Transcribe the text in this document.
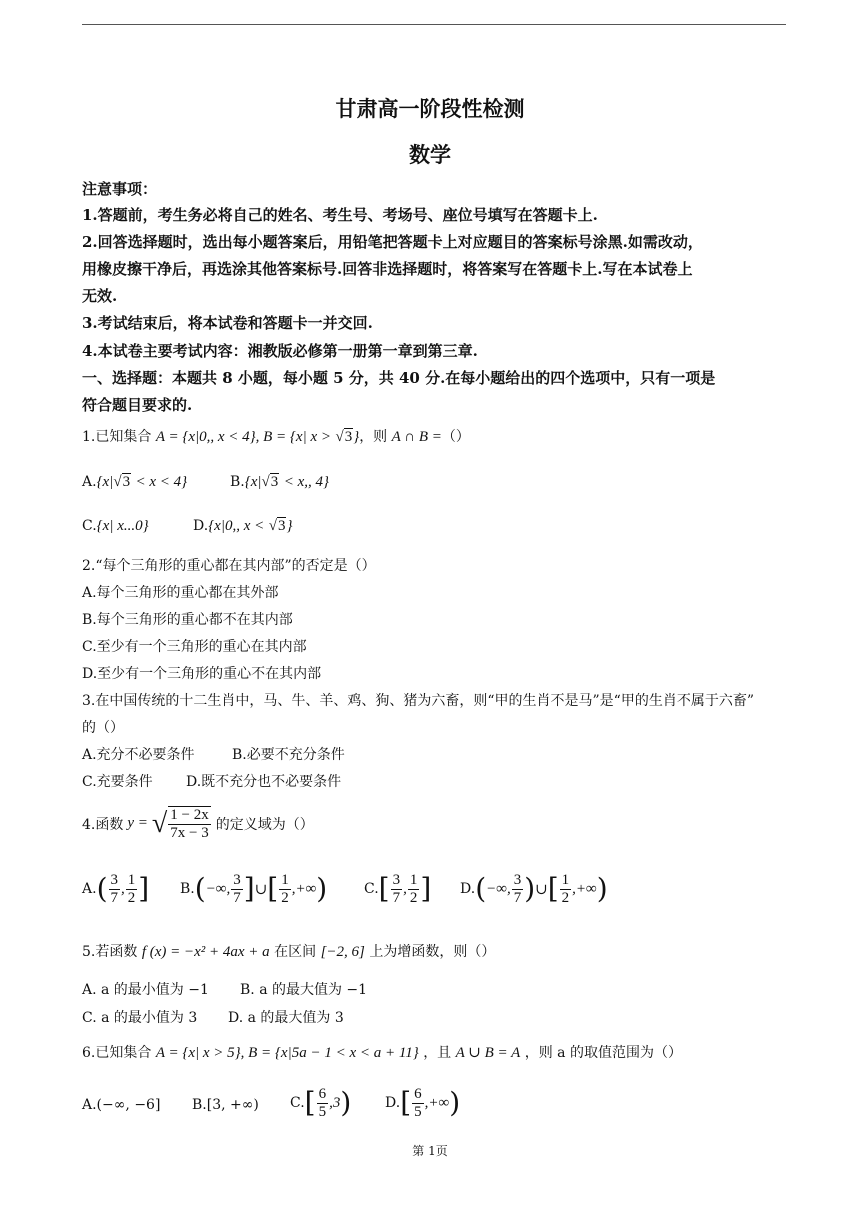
甘肃高一阶段性检测
数学
注意事项：
1.答题前，考生务必将自己的姓名、考生号、考场号、座位号填写在答题卡上.
2.回答选择题时，选出每小题答案后，用铅笔把答题卡上对应题目的答案标号涂黑.如需改动，
用橡皮擦干净后，再选涂其他答案标号.回答非选择题时，将答案写在答题卡上.写在本试卷上
无效.
3.考试结束后，将本试卷和答题卡一并交回.
4.本试卷主要考试内容：湘教版必修第一册第一章到第三章.
一、选择题：本题共 8 小题，每小题 5 分，共 40 分.在每小题给出的四个选项中，只有一项是
符合题目要求的.
1.已知集合 A = {x|0,, x < 4}, B = {x| x > √3}，则 A ∩ B =（）
A.{x|√3 < x < 4}	B.{x|√3 < x,, 4}
C.{x| x...0}	D.{x|0,, x < √3}
2.“每个三角形的重心都在其内部”的否定是（）
A.每个三角形的重心都在其外部
B.每个三角形的重心都不在其内部
C.至少有一个三角形的重心在其内部
D.至少有一个三角形的重心不在其内部
3.在中国传统的十二生肖中，马、牛、羊、鸡、狗、猪为六畜，则“甲的生肖不是马”是“甲的生肖不属于六畜”
的（）
A.充分不必要条件	B.必要不充分条件
C.充要条件 D.既不充分也不必要条件
4.函数 y = √ $\frac{1 - 2x}{7x - 3}$ 的定义域为（）
A. ( $\frac{3}{7}$ , $\frac{1}{2}$ ] B. ( −∞, $\frac{3}{7}$ ] ∪ [ $\frac{1}{2}$ ,+∞ )	C. [ $\frac{3}{7}$ , $\frac{1}{2}$ ] D. ( −∞, $\frac{3}{7}$ ) ∪ [ $\frac{1}{2}$ ,+∞ )
5.若函数 f (x) = −x² + 4ax + a 在区间 [−2, 6] 上为增函数，则（）
A. a 的最小值为 −1 B. a 的最大值为 −1
C. a 的最小值为 3 D. a 的最大值为 3
6.已知集合 A = {x| x > 5}, B = {x|5a − 1 < x < a + 11} ，且 A ∪ B = A ，则 a 的取值范围为（）
A.(−∞, −6] B.[3, +∞) C. [ $\frac{6}{5} ,3$ ) D. [ $\frac{6}{5}$ ,+∞ )
第 1页
